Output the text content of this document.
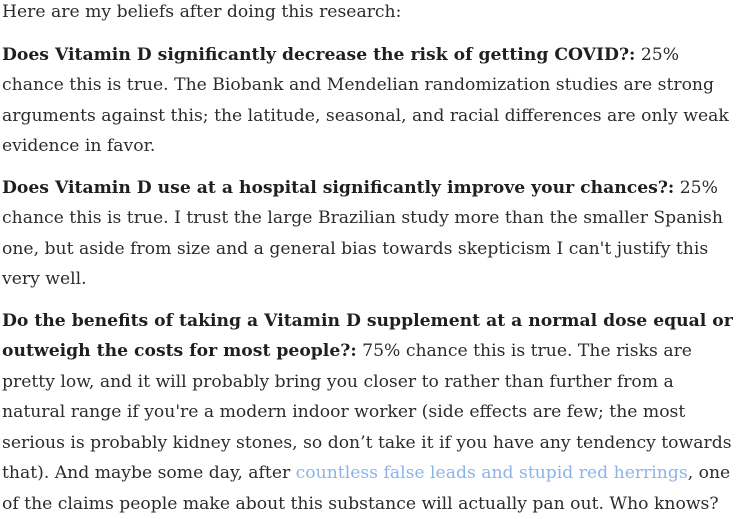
Here are my beliefs after doing this research:

Does Vitamin D significantly decrease the risk of getting COVID?: 25% chance this is true. The Biobank and Mendelian randomization studies are strong arguments against this; the latitude, seasonal, and racial differences are only weak evidence in favor.

Does Vitamin D use at a hospital significantly improve your chances?: 25% chance this is true. I trust the large Brazilian study more than the smaller Spanish one, but aside from size and a general bias towards skepticism I can't justify this very well.

Do the benefits of taking a Vitamin D supplement at a normal dose equal or outweigh the costs for most people?: 75% chance this is true. The risks are pretty low, and it will probably bring you closer to rather than further from a natural range if you're a modern indoor worker (side effects are few; the most serious is probably kidney stones, so don’t take it if you have any tendency towards that). And maybe some day, after countless false leads and stupid red herrings, one of the claims people make about this substance will actually pan out. Who knows?
